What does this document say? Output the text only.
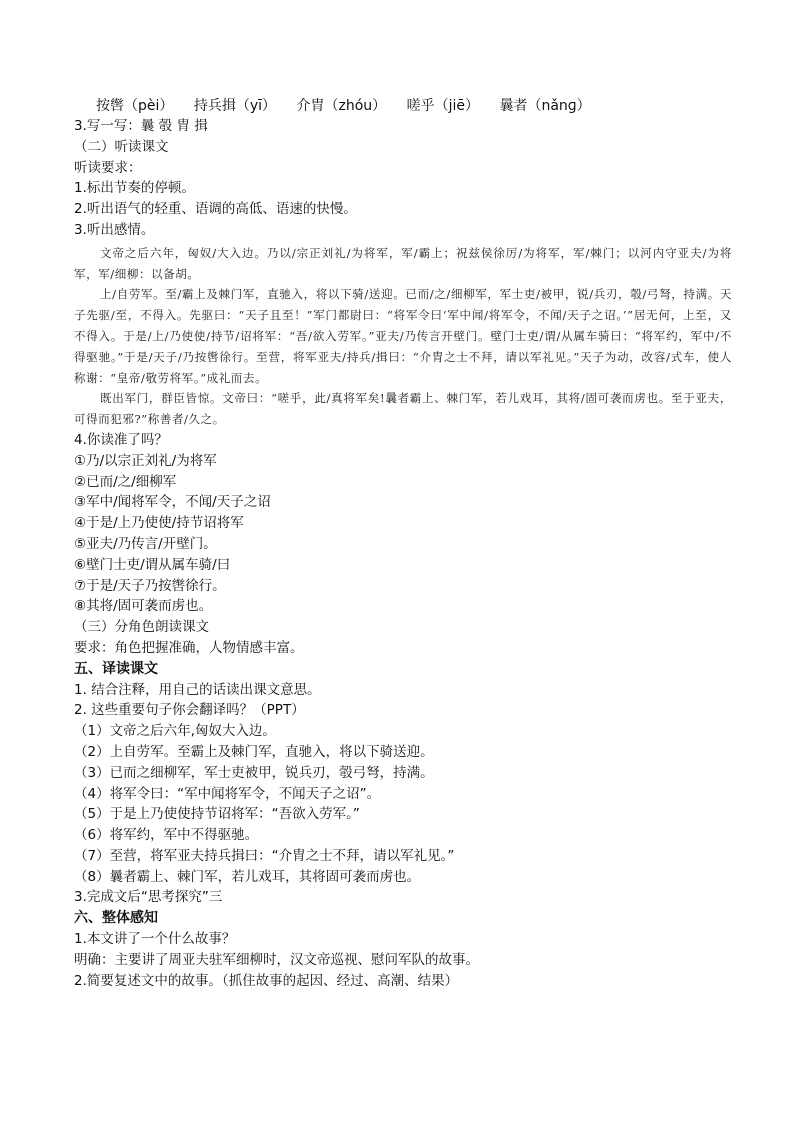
按辔（pèi） 持兵揖（yī） 介胄（zhóu） 嗟乎（jiē） 曩者（nǎnɡ）
3.写一写：曩 彀 胄 揖
（二）听读课文
听读要求：
1.标出节奏的停顿。
2.听出语气的轻重、语调的高低、语速的快慢。
3.听出感情。

文帝之后六年，匈奴/大入边。乃以/宗正刘礼/为将军，军/霸上；祝兹侯徐厉/为将军，军/棘门；以河内守亚夫/为将军，军/细柳：以备胡。

上/自劳军。至/霸上及棘门军，直驰入，将以下骑/送迎。已而/之/细柳军，军士吏/被甲，锐/兵刃，彀/弓弩，持满。天子先驱/至，不得入。先驱曰：“天子且至！”军门都尉曰：“将军令曰‘军中闻/将军令，不闻/天子之诏。’”居无何，上至，又不得入。于是/上/乃使使/持节/诏将军：“吾/欲入劳军。”亚夫/乃传言开壁门。壁门士吏/谓/从属车骑曰：“将军约，军中/不得驱驰。”于是/天子/乃按辔徐行。至营，将军亚夫/持兵/揖曰：“介胄之士不拜，请以军礼见。”天子为动，改容/式车，使人称谢：“皇帝/敬劳将军。”成礼而去。

既出军门，群臣皆惊。文帝曰：“嗟乎，此/真将军矣!曩者霸上、棘门军，若儿戏耳，其将/固可袭而虏也。至于亚夫，可得而犯邪?”称善者/久之。

4.你读准了吗？
①乃/以宗正刘礼/为将军
②已而/之/细柳军
③军中/闻将军令，不闻/天子之诏
④于是/上乃使使/持节诏将军
⑤亚夫/乃传言/开壁门。
⑥壁门士吏/谓从属车骑/曰
⑦于是/天子乃按辔徐行。
⑧其将/固可袭而虏也。
（三）分角色朗读课文
要求：角色把握准确，人物情感丰富。
五、译读课文
1. 结合注释，用自己的话读出课文意思。
2. 这些重要句子你会翻译吗？（PPT）
（1）文帝之后六年,匈奴大入边。
（2）上自劳军。至霸上及棘门军，直驰入，将以下骑送迎。
（3）已而之细柳军，军士吏被甲，锐兵刃，彀弓弩，持满。
（4）将军令曰：“军中闻将军令，不闻天子之诏”。
（5）于是上乃使使持节诏将军：“吾欲入劳军。”
（6）将军约，军中不得驱驰。
（7）至营，将军亚夫持兵揖曰：“介胄之士不拜，请以军礼见。”
（8）曩者霸上、棘门军，若儿戏耳，其将固可袭而虏也。
3.完成文后“思考探究”三
六、整体感知
1.本文讲了一个什么故事？
明确：主要讲了周亚夫驻军细柳时，汉文帝巡视、慰问军队的故事。
2.简要复述文中的故事。（抓住故事的起因、经过、高潮、结果）
